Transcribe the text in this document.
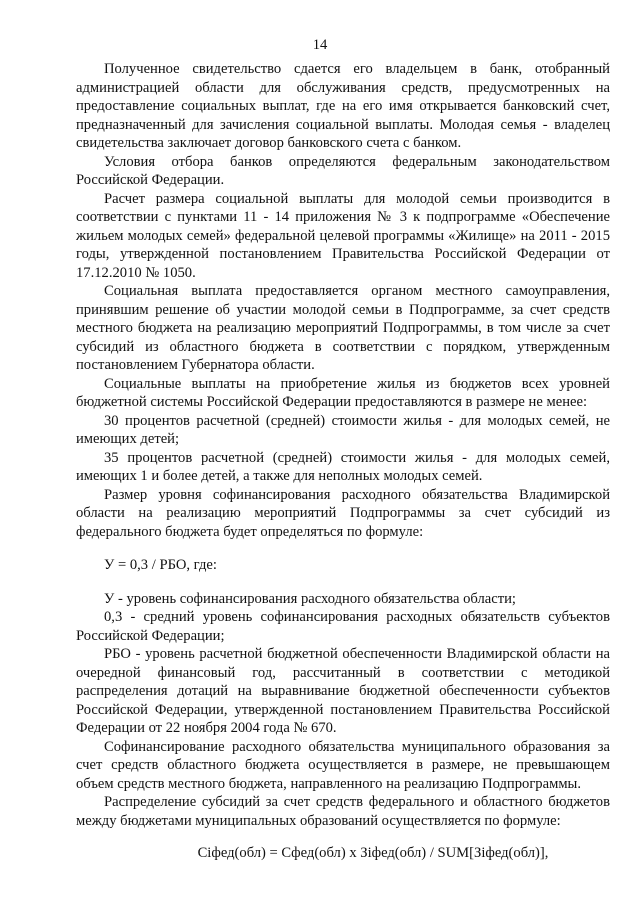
14

Полученное свидетельство сдается его владельцем в банк, отобранный администрацией области для обслуживания средств, предусмотренных на предоставление социальных выплат, где на его имя открывается банковский счет, предназначенный для зачисления социальной выплаты. Молодая семья - владелец свидетельства заключает договор банковского счета с банком.

Условия отбора банков определяются федеральным законодательством Российской Федерации.

Расчет размера социальной выплаты для молодой семьи производится в соответствии с пунктами 11 - 14 приложения № 3 к подпрограмме «Обеспечение жильем молодых семей» федеральной целевой программы «Жилище» на 2011 - 2015 годы, утвержденной постановлением Правительства Российской Федерации от 17.12.2010 № 1050.

Социальная выплата предоставляется органом местного самоуправления, принявшим решение об участии молодой семьи в Подпрограмме, за счет средств местного бюджета на реализацию мероприятий Подпрограммы, в том числе за счет субсидий из областного бюджета в соответствии с порядком, утвержденным постановлением Губернатора области.

Социальные выплаты на приобретение жилья из бюджетов всех уровней бюджетной системы Российской Федерации предоставляются в размере не менее:

30 процентов расчетной (средней) стоимости жилья - для молодых семей, не имеющих детей;

35 процентов расчетной (средней) стоимости жилья - для молодых семей, имеющих 1 и более детей, а также для неполных молодых семей.

Размер уровня софинансирования расходного обязательства Владимирской области на реализацию мероприятий Подпрограммы за счет субсидий из федерального бюджета будет определяться по формуле:

У = 0,3 / РБО, где:

У - уровень софинансирования расходного обязательства области;

0,3 - средний уровень софинансирования расходных обязательств субъектов Российской Федерации;

РБО - уровень расчетной бюджетной обеспеченности Владимирской области на очередной финансовый год, рассчитанный в соответствии с методикой распределения дотаций на выравнивание бюджетной обеспеченности субъектов Российской Федерации, утвержденной постановлением Правительства Российской Федерации от 22 ноября 2004 года № 670.

Софинансирование расходного обязательства муниципального образования за счет средств областного бюджета осуществляется в размере, не превышающем объем средств местного бюджета, направленного на реализацию Подпрограммы.

Распределение субсидий за счет средств федерального и областного бюджетов между бюджетами муниципальных образований осуществляется по формуле:

Сiфед(обл) = Сфед(обл) x Зiфед(обл) / SUM[Зiфед(обл)],
